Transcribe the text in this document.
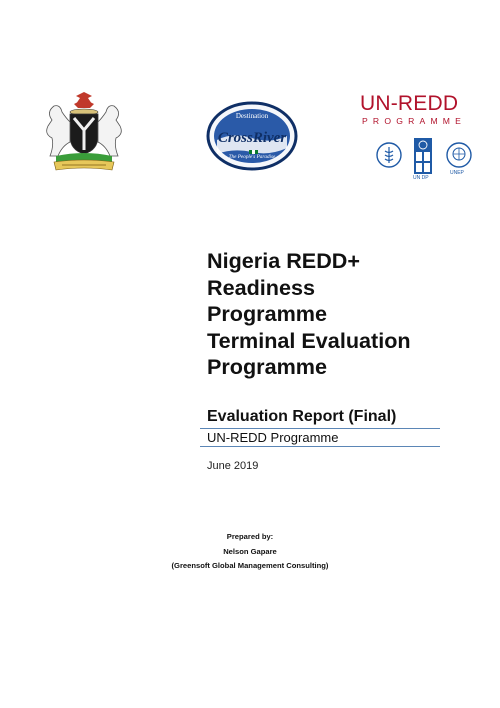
Destination
CrossRiver
The People's Paradise
UN-REDD
PROGRAMME
UN DP
UNEP
Nigeria REDD+
Readiness
Programme
Terminal Evaluation
Programme
Evaluation Report (Final)
UN-REDD Programme
June 2019
Prepared by:
Nelson Gapare
(Greensoft Global Management Consulting)
